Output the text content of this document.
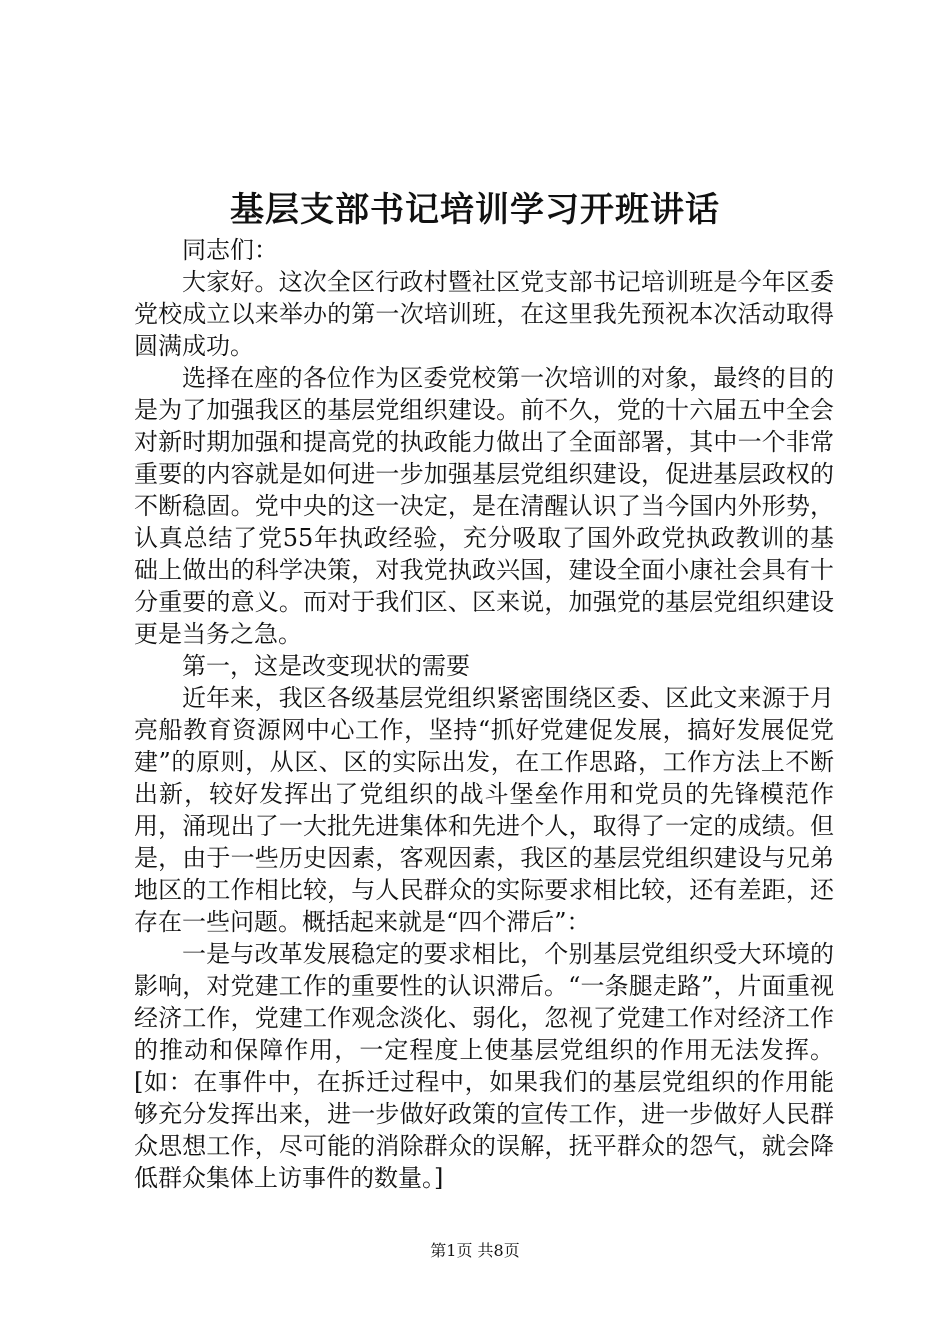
基层支部书记培训学习开班讲话

同志们：

大家好。这次全区行政村暨社区党支部书记培训班是今年区委党校成立以来举办的第一次培训班，在这里我先预祝本次活动取得圆满成功。

选择在座的各位作为区委党校第一次培训的对象，最终的目的是为了加强我区的基层党组织建设。前不久，党的十六届五中全会对新时期加强和提高党的执政能力做出了全面部署，其中一个非常重要的内容就是如何进一步加强基层党组织建设，促进基层政权的不断稳固。党中央的这一决定，是在清醒认识了当今国内外形势，认真总结了党55年执政经验，充分吸取了国外政党执政教训的基础上做出的科学决策，对我党执政兴国，建设全面小康社会具有十分重要的意义。而对于我们区、区来说，加强党的基层党组织建设更是当务之急。

第一，这是改变现状的需要

近年来，我区各级基层党组织紧密围绕区委、区此文来源于月亮船教育资源网中心工作，坚持“抓好党建促发展，搞好发展促党建”的原则，从区、区的实际出发，在工作思路，工作方法上不断出新，较好发挥出了党组织的战斗堡垒作用和党员的先锋模范作用，涌现出了一大批先进集体和先进个人，取得了一定的成绩。但是，由于一些历史因素，客观因素，我区的基层党组织建设与兄弟地区的工作相比较，与人民群众的实际要求相比较，还有差距，还存在一些问题。概括起来就是“四个滞后”：

一是与改革发展稳定的要求相比，个别基层党组织受大环境的影响，对党建工作的重要性的认识滞后。“一条腿走路”，片面重视经济工作，党建工作观念淡化、弱化，忽视了党建工作对经济工作的推动和保障作用，一定程度上使基层党组织的作用无法发挥。[如：在事件中，在拆迁过程中，如果我们的基层党组织的作用能够充分发挥出来，进一步做好政策的宣传工作，进一步做好人民群众思想工作，尽可能的消除群众的误解，抚平群众的怨气，就会降低群众集体上访事件的数量。]

第1页 共8页
